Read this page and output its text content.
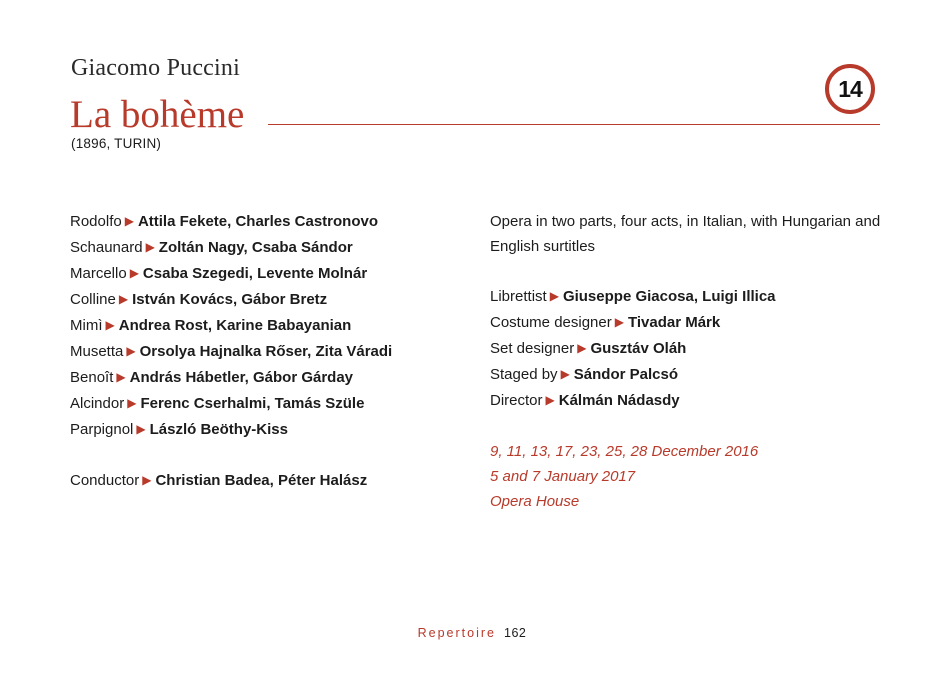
Giacomo Puccini
La bohème
14
(1896, TURIN)
Rodolfo ▶ Attila Fekete, Charles Castronovo
Schaunard ▶ Zoltán Nagy, Csaba Sándor
Marcello ▶ Csaba Szegedi, Levente Molnár
Colline ▶ István Kovács, Gábor Bretz
Mimì ▶ Andrea Rost, Karine Babayanian
Musetta ▶ Orsolya Hajnalka Rőser, Zita Váradi
Benoît ▶ András Hábetler, Gábor Gárday
Alcindor ▶ Ferenc Cserhalmi, Tamás Szüle
Parpignol ▶ László Beöthy-Kiss
Conductor ▶ Christian Badea, Péter Halász
Opera in two parts, four acts, in Italian, with Hungarian and
English surtitles
Librettist ▶ Giuseppe Giacosa, Luigi Illica
Costume designer ▶ Tivadar Márk
Set designer ▶ Gusztáv Oláh
Staged by ▶ Sándor Palcsó
Director ▶ Kálmán Nádasdy
9, 11, 13, 17, 23, 25, 28 December 2016
5 and 7 January 2017
Opera House
Repertoire 162
